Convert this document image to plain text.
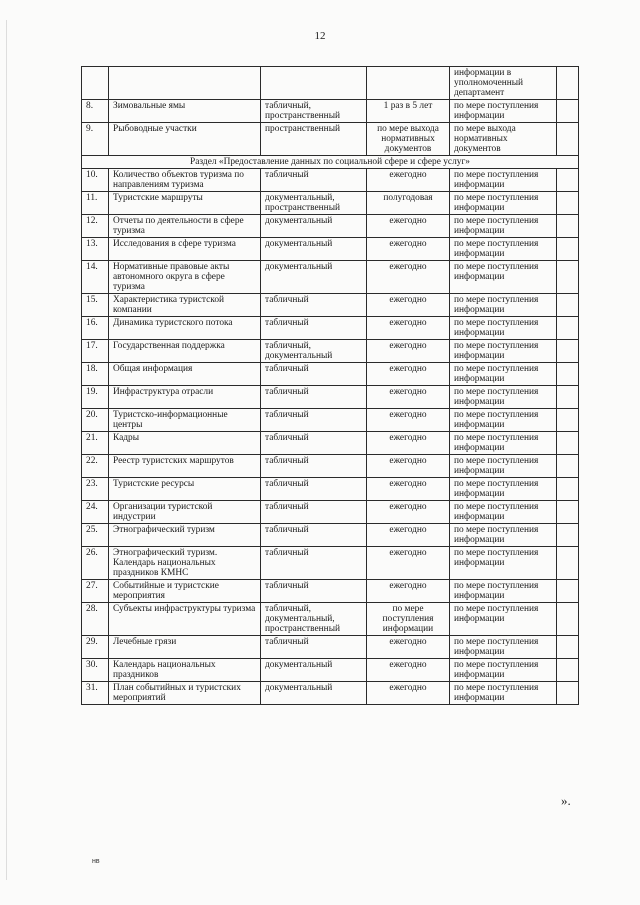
12
				информации в уполномоченный департамент	
8.	Зимовальные ямы	табличный, пространственный	1 раз в 5 лет	по мере поступления информации	
9.	Рыбоводные участки	пространственный	по мере выхода нормативных документов	по мере выхода нормативных документов	
Раздел «Предоставление данных по социальной сфере и сфере услуг»					
10.	Количество объектов туризма по направлениям туризма	табличный	ежегодно	по мере поступления информации	
11.	Туристские маршруты	документальный, пространственный	полугодовая	по мере поступления информации	
12.	Отчеты по деятельности в сфере туризма	документальный	ежегодно	по мере поступления информации	
13.	Исследования в сфере туризма	документальный	ежегодно	по мере поступления информации	
14.	Нормативные правовые акты автономного округа в сфере туризма	документальный	ежегодно	по мере поступления информации	
15.	Характеристика туристской компании	табличный	ежегодно	по мере поступления информации	
16.	Динамика туристского потока	табличный	ежегодно	по мере поступления информации	
17.	Государственная поддержка	табличный, документальный	ежегодно	по мере поступления информации	
18.	Общая информация	табличный	ежегодно	по мере поступления информации	
19.	Инфраструктура отрасли	табличный	ежегодно	по мере поступления информации	
20.	Туристско-информационные центры	табличный	ежегодно	по мере поступления информации	
21.	Кадры	табличный	ежегодно	по мере поступления информации	
22.	Реестр туристских маршрутов	табличный	ежегодно	по мере поступления информации	
23.	Туристские ресурсы	табличный	ежегодно	по мере поступления информации	
24.	Организации туристской индустрии	табличный	ежегодно	по мере поступления информации	
25.	Этнографический туризм	табличный	ежегодно	по мере поступления информации	
26.	Этнографический туризм. Календарь национальных праздников КМНС	табличный	ежегодно	по мере поступления информации	
27.	Событийные и туристские мероприятия	табличный	ежегодно	по мере поступления информации	
28.	Субъекты инфраструктуры туризма	табличный, документальный, пространственный	по мере поступления информации	по мере поступления информации	
29.	Лечебные грязи	табличный	ежегодно	по мере поступления информации	
30.	Календарь национальных праздников	документальный	ежегодно	по мере поступления информации	
31.	План событийных и туристских мероприятий	документальный	ежегодно	по мере поступления информации	
».
нв
